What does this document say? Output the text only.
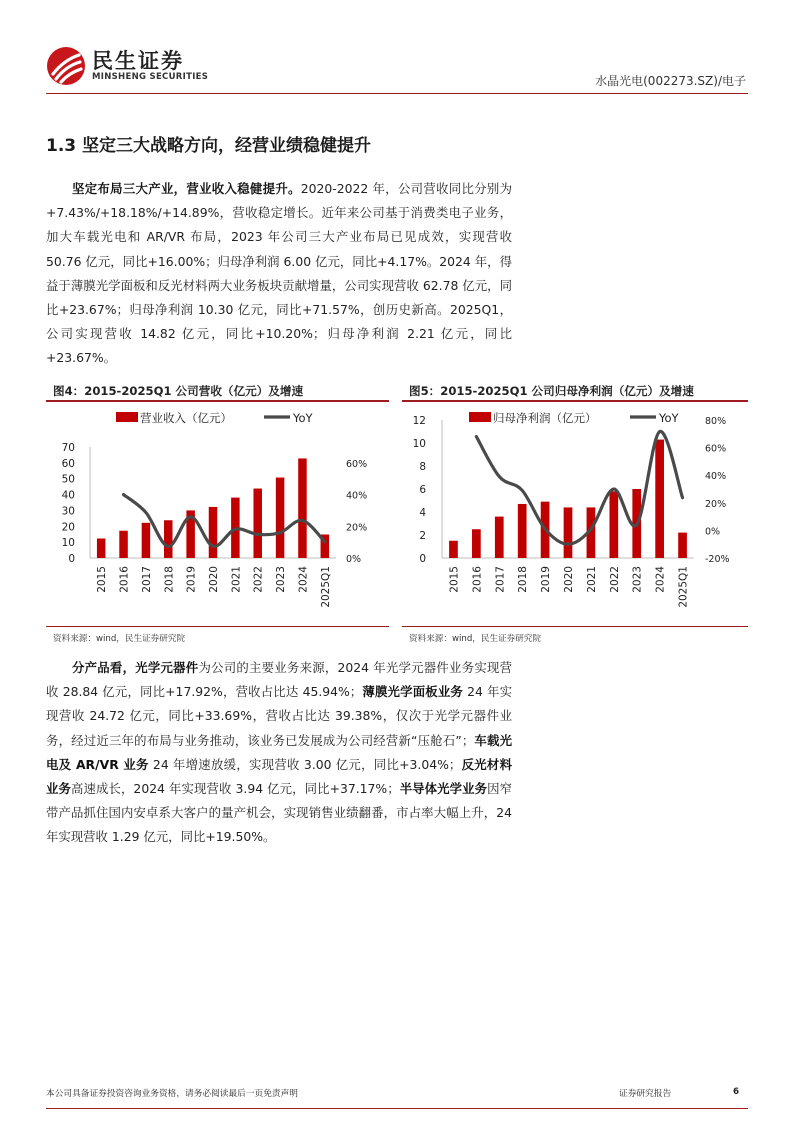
民生证券
MINSHENG SECURITIES	水晶光电(002273.SZ)/电子
1.3 坚定三大战略方向，经营业绩稳健提升

坚定布局三大产业，营业收入稳健提升。2020-2022 年，公司营收同比分别为+7.43%/+18.18%/+14.89%，营收稳定增长。近年来公司基于消费类电子业务，加大车载光电和 AR/VR 布局，2023 年公司三大产业布局已见成效，实现营收 50.76 亿元，同比+16.00%；归母净利润 6.00 亿元，同比+4.17%。2024 年，得益于薄膜光学面板和反光材料两大业务板块贡献增量，公司实现营收 62.78 亿元，同比+23.67%；归母净利润 10.30 亿元，同比+71.57%，创历史新高。2025Q1，公司实现营收 14.82 亿元，同比+10.20%；归母净利润 2.21 亿元，同比+23.67%。

图4：2015-2025Q1 公司营收（亿元）及增速	图5：2015-2025Q1 公司归母净利润（亿元）及增速
0
10
20
30
40
50
60
70
0%
20%
40%
60%
2015 2016 2017 2018 2019 2020 2021 2022 2023 2024 2025Q1
营业收入（亿元）	YoY
0
2
4
6
8
10
12
-20%
0%
20%
40%
60%
80%
2015 2016 2017 2018 2019 2020 2021 2022 2023 2024 2025Q1
归母净利润（亿元）	YoY
资料来源：wind，民生证券研究院	资料来源：wind，民生证券研究院

分产品看，光学元器件为公司的主要业务来源，2024 年光学元器件业务实现营收 28.84 亿元，同比+17.92%，营收占比达 45.94%；薄膜光学面板业务 24 年实现营收 24.72 亿元，同比+33.69%，营收占比达 39.38%，仅次于光学元器件业务，经过近三年的布局与业务推动，该业务已发展成为公司经营新“压舱石”；车载光电及 AR/VR 业务 24 年增速放缓，实现营收 3.00 亿元，同比+3.04%；反光材料业务高速成长，2024 年实现营收 3.94 亿元，同比+37.17%；半导体光学业务因窄带产品抓住国内安卓系大客户的量产机会，实现销售业绩翻番，市占率大幅上升，24 年实现营收 1.29 亿元，同比+19.50%。

本公司具备证券投资咨询业务资格，请务必阅读最后一页免责声明	证券研究报告	6
